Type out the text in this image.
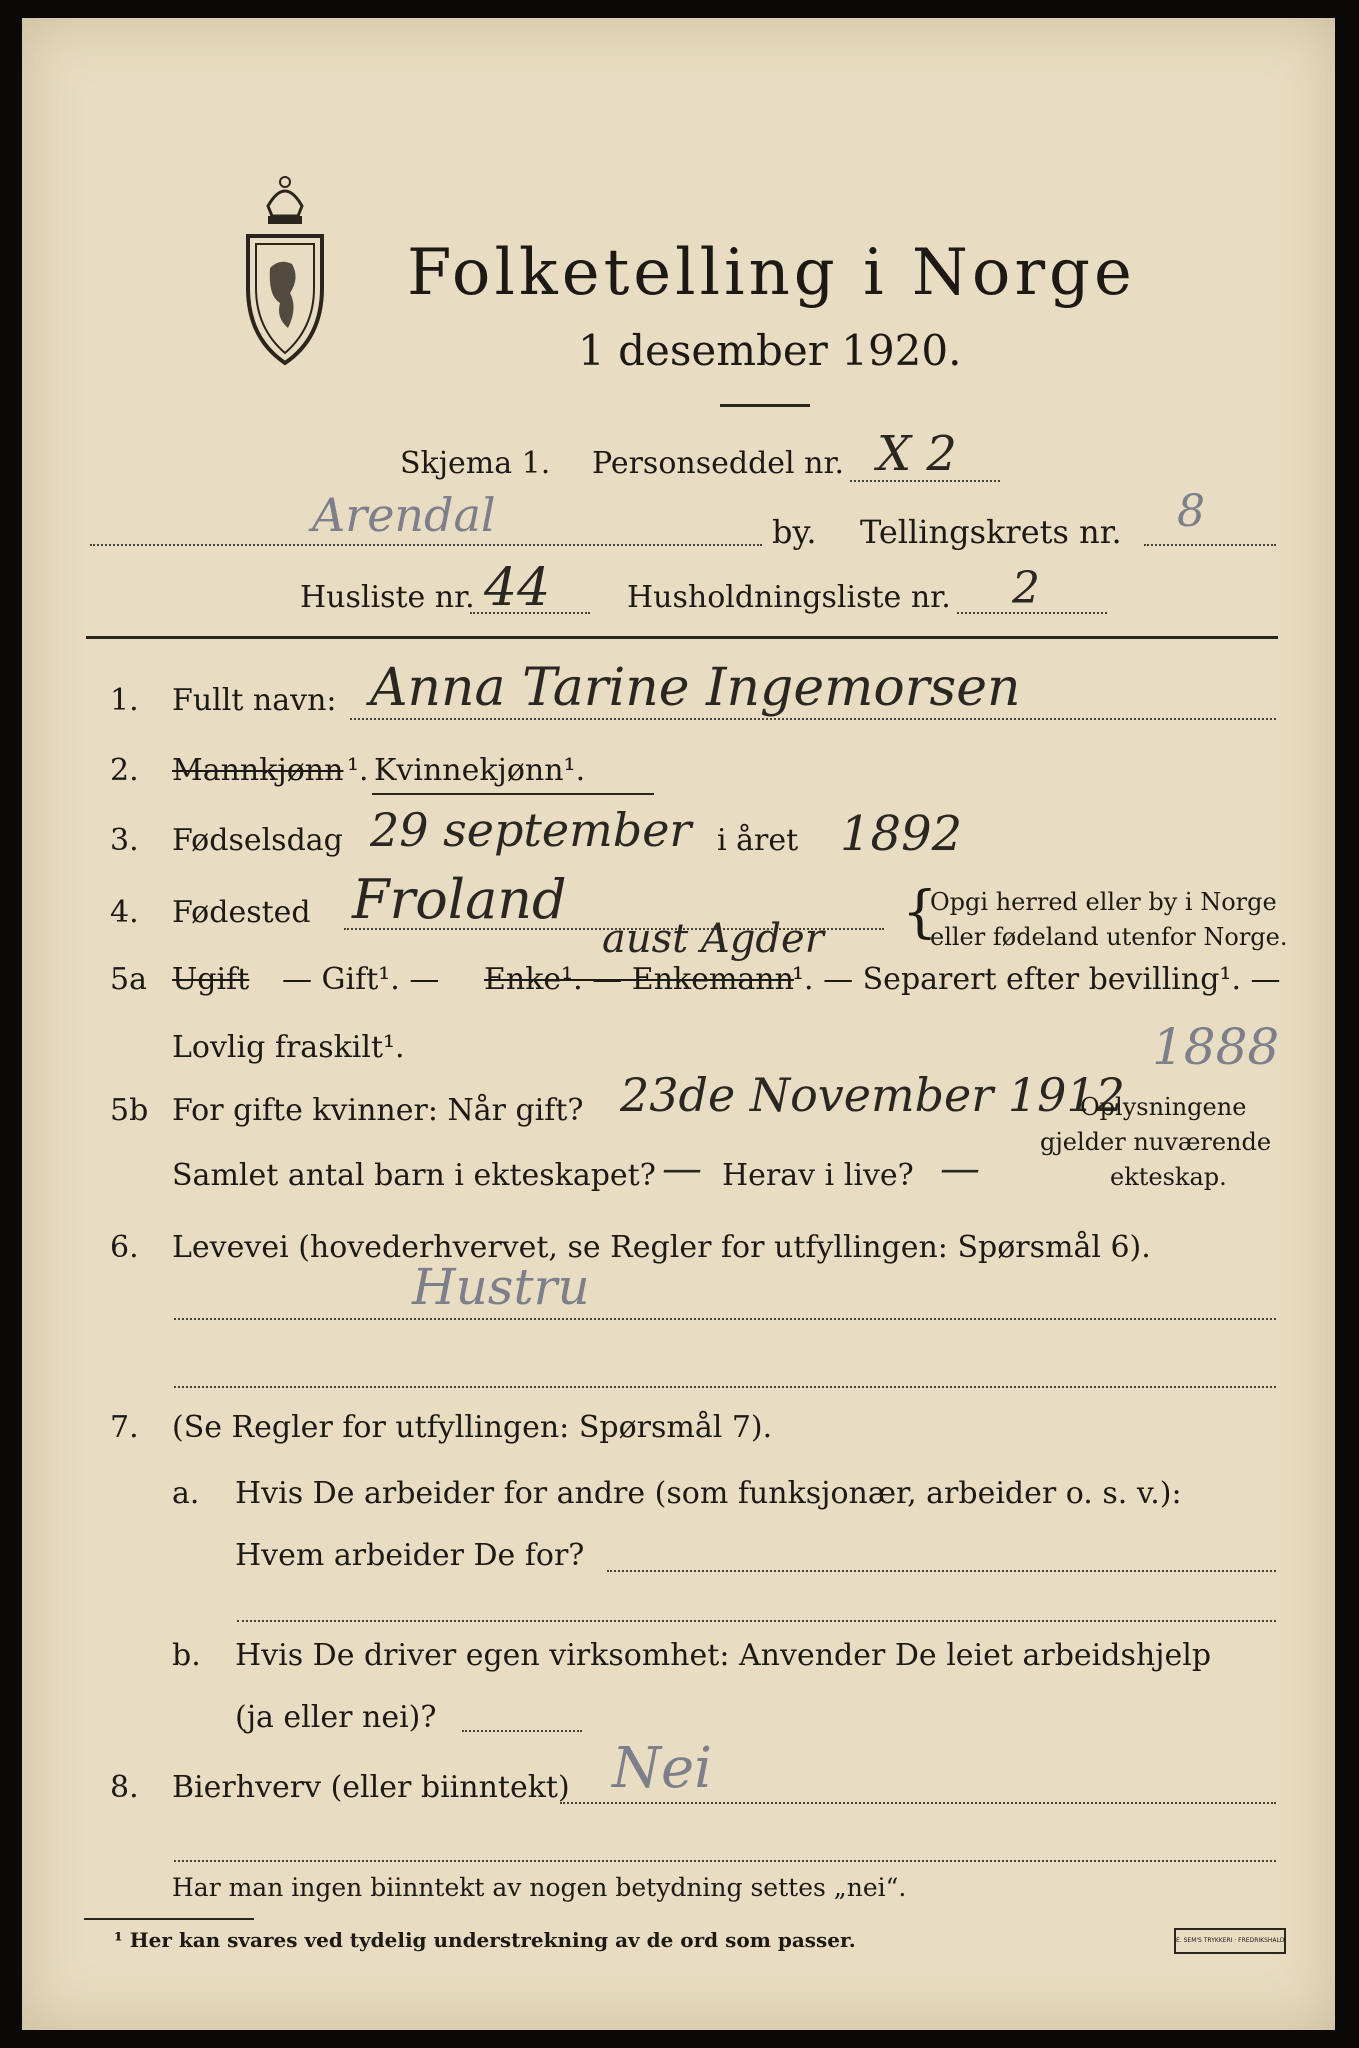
Folketelling i Norge
1 desember 1920.
Skjema 1. Personseddel nr. X 2
Arendal	by. Tellingskrets nr. 8
Husliste nr. 44	Husholdningsliste nr. 2
1. Fullt navn: Anna Tarine Ingemorsen
2. Mannkjønn ¹. Kvinnekjønn¹.
3. Fødselsdag 29 september i året 1892
4. Fødested Froland
aust Agder {
Opgi herred eller by i Norge
eller fødeland utenfor Norge.
5a Ugift — Gift¹. — Enke¹. — Enkemann
¹. — Separert efter bevilling¹. —
Lovlig fraskilt¹.	1888
5b For gifte kvinner: Når gift? 23de November 1912
Samlet antal barn i ekteskapet? — Herav i live? —
Oplysningene
gjelder nuværende
ekteskap.
6. Levevei (hovederhvervet, se Regler for utfyllingen: Spørsmål 6).
Hustru
7. (Se Regler for utfyllingen: Spørsmål 7).
a. Hvis De arbeider for andre (som funksjonær, arbeider o. s. v.):
Hvem arbeider De for?
b. Hvis De driver egen virksomhet: Anvender De leiet arbeidshjelp
(ja eller nei)?
8. Bierhverv (eller biinntekt) Nei
Har man ingen biinntekt av nogen betydning settes „nei“.
¹ Her kan svares ved tydelig understrekning av de ord som passer.	E. SEM'S TRYKKERI · FREDRIKSHALD
